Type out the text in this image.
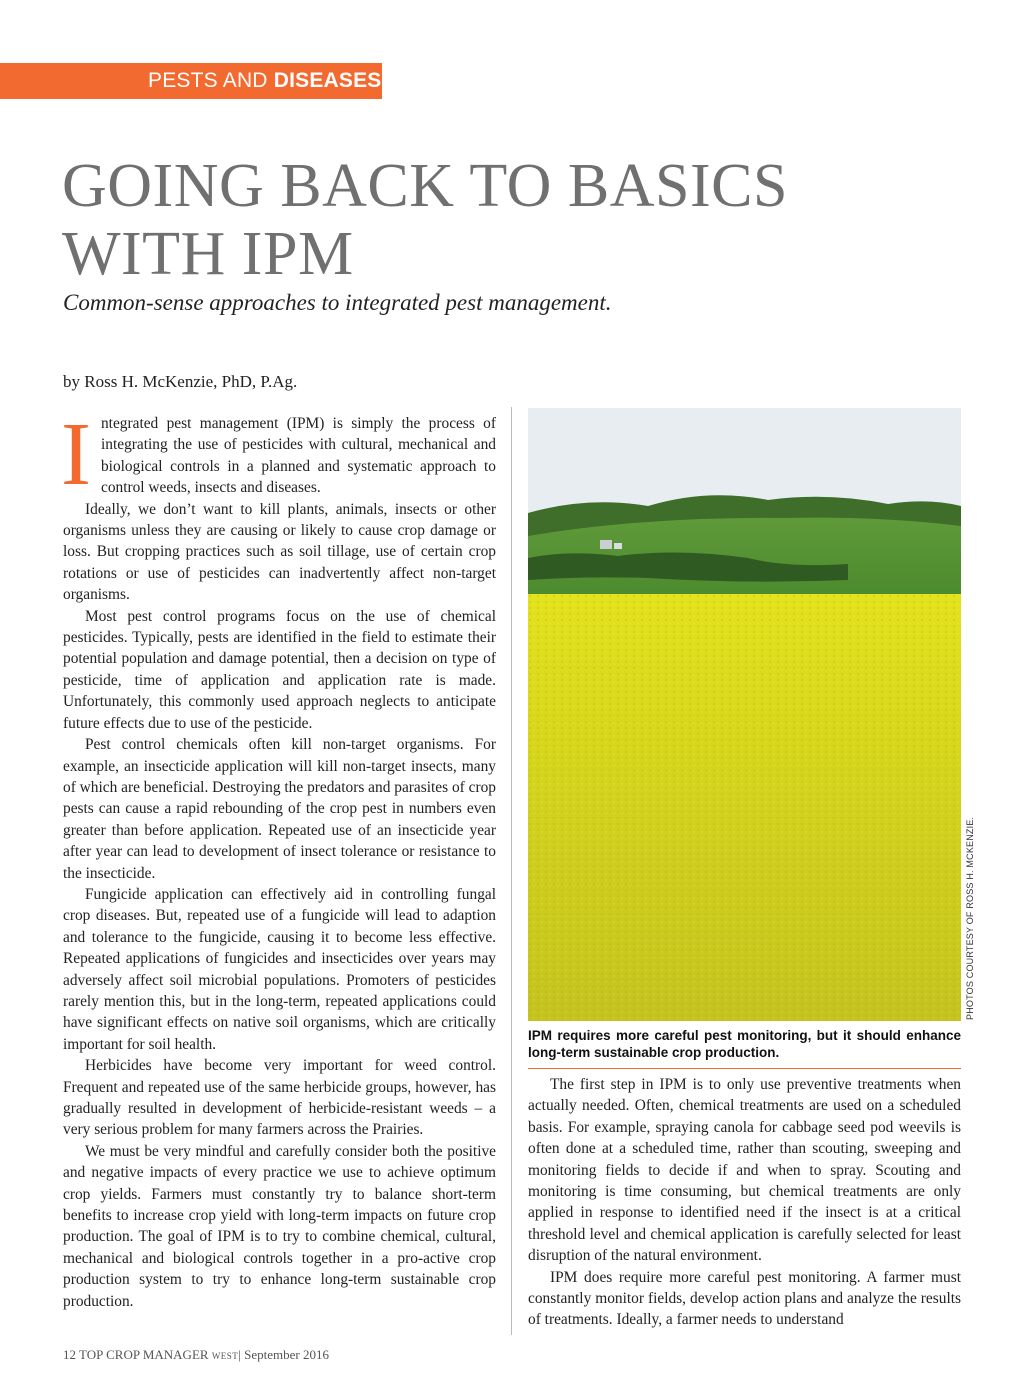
PESTS AND DISEASES
GOING BACK TO BASICS
WITH IPM
Common-sense approaches to integrated pest management.
by Ross H. McKenzie, PhD, P.Ag.

Integrated pest management (IPM) is simply the process of integrating the use of pesticides with cultural, mechanical and biological controls in a planned and systematic approach to control weeds, insects and diseases.

Ideally, we don’t want to kill plants, animals, insects or other organisms unless they are causing or likely to cause crop damage or loss. But cropping practices such as soil tillage, use of certain crop rotations or use of pesticides can inadvertently affect non-target organisms.

Most pest control programs focus on the use of chemical pesticides. Typically, pests are identified in the field to estimate their potential population and damage potential, then a decision on type of pesticide, time of application and application rate is made. Unfortunately, this commonly used approach neglects to anticipate future effects due to use of the pesticide.

Pest control chemicals often kill non-target organisms. For example, an insecticide application will kill non-target insects, many of which are beneficial. Destroying the predators and parasites of crop pests can cause a rapid rebounding of the crop pest in numbers even greater than before application. Repeated use of an insecticide year after year can lead to development of insect tolerance or resistance to the insecticide.

Fungicide application can effectively aid in controlling fungal crop diseases. But, repeated use of a fungicide will lead to adaption and tolerance to the fungicide, causing it to become less effective. Repeated applications of fungicides and insecticides over years may adversely affect soil microbial populations. Promoters of pesticides rarely mention this, but in the long-term, repeated applications could have significant effects on native soil organisms, which are critically important for soil health.

Herbicides have become very important for weed control. Frequent and repeated use of the same herbicide groups, however, has gradually resulted in development of herbicide-resistant weeds – a very serious problem for many farmers across the Prairies.

We must be very mindful and carefully consider both the positive and negative impacts of every practice we use to achieve optimum crop yields. Farmers must constantly try to balance short-term benefits to increase crop yield with long-term impacts on future crop production. The goal of IPM is to try to combine chemical, cultural, mechanical and biological controls together in a pro-active crop production system to try to enhance long-term sustainable crop production.

PHOTOS COURTESY OF ROSS H. MCKENZIE.
IPM requires more careful pest monitoring, but it should enhance long-term sustainable crop production.

The first step in IPM is to only use preventive treatments when actually needed. Often, chemical treatments are used on a scheduled basis. For example, spraying canola for cabbage seed pod weevils is often done at a scheduled time, rather than scouting, sweeping and monitoring fields to decide if and when to spray. Scouting and monitoring is time consuming, but chemical treatments are only applied in response to identified need if the insect is at a critical threshold level and chemical application is carefully selected for least disruption of the natural environment.

IPM does require more careful pest monitoring. A farmer must constantly monitor fields, develop action plans and analyze the results of treatments. Ideally, a farmer needs to understand

12 TOP CROP MANAGER WEST| September 2016
